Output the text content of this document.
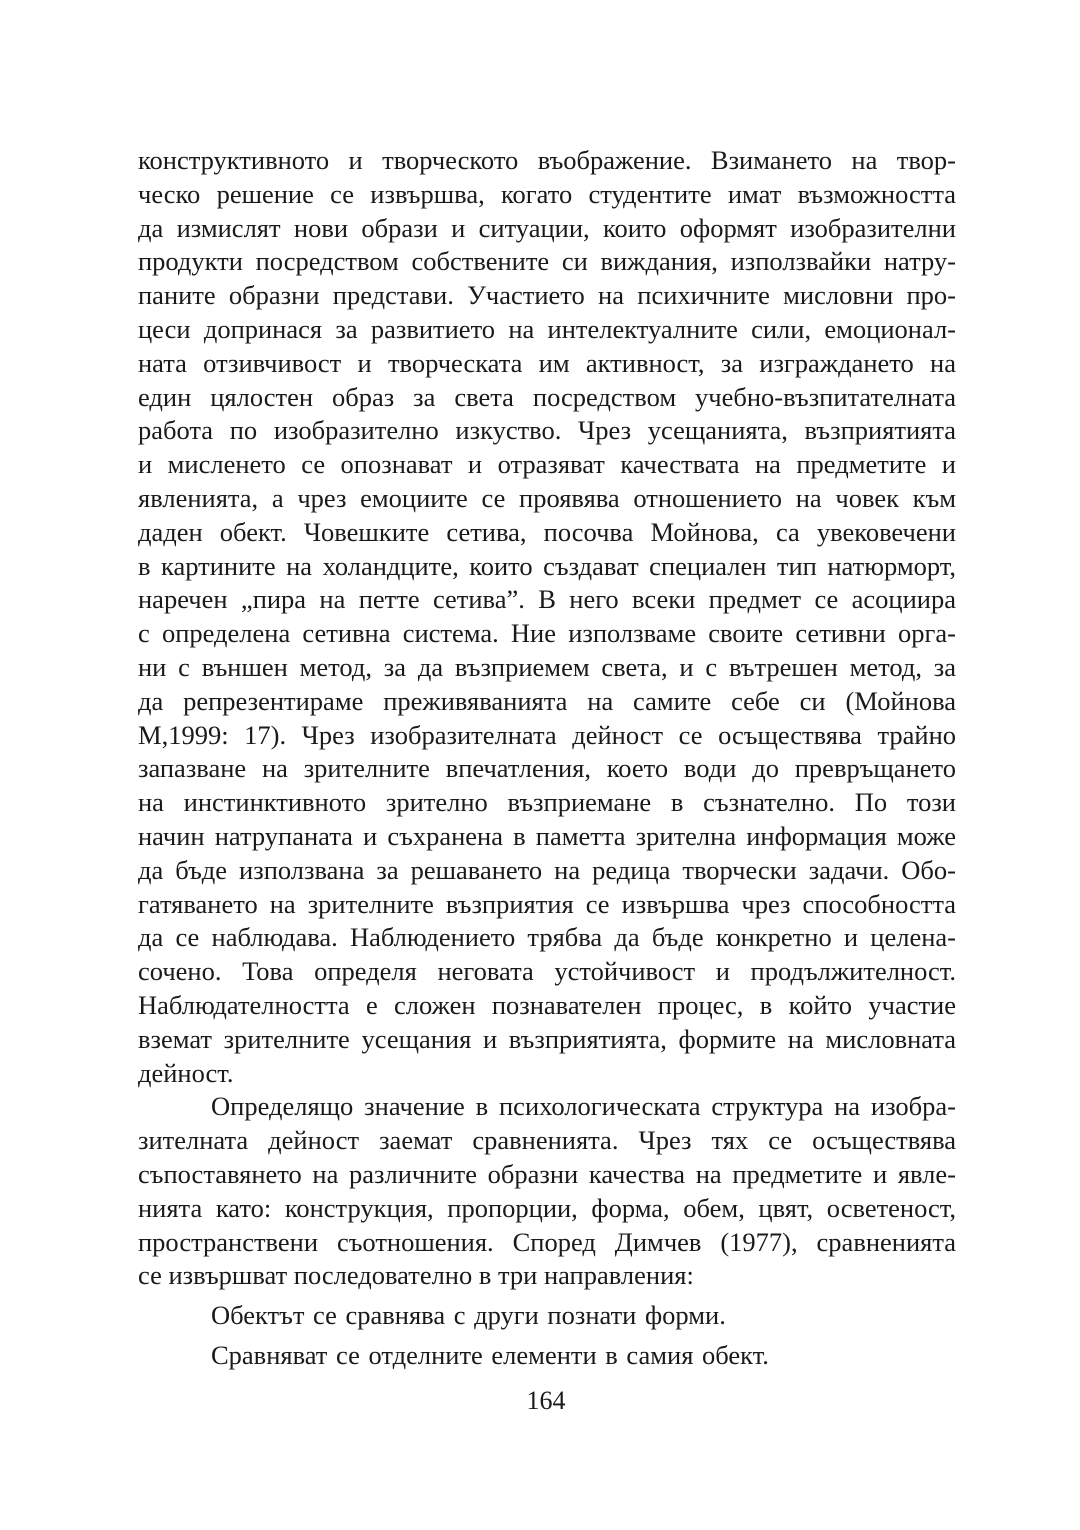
конструктивното и творческото въображение. Взимането на твор-
ческо решение се извършва, когато студентите имат възможността
да измислят нови образи и ситуации, които оформят изобразителни
продукти посредством собствените си виждания, използвайки натру-
паните образни представи. Участието на психичните мисловни про-
цеси допринася за развитието на интелектуалните сили, емоционал-
ната отзивчивост и творческата им активност, за изграждането на
един цялостен образ за света посредством учебно-възпитателната
работа по изобразително изкуство. Чрез усещанията, възприятията
и мисленето се опознават и отразяват качествата на предметите и
явленията, а чрез емоциите се проявява отношението на човек към
даден обект. Човешките сетива, посочва Мойнова, са увековечени
в картините на холандците, които създават специален тип натюрморт,
наречен „пира на петте сетива”. В него всеки предмет се асоциира
с определена сетивна система. Ние използваме своите сетивни орга-
ни с външен метод, за да възприемем света, и с вътрешен метод, за
да репрезентираме преживяванията на самите себе си (Мойнова
М,1999: 17). Чрез изобразителната дейност се осъществява трайно
запазване на зрителните впечатления, което води до превръщането
на инстинктивното зрително възприемане в съзнателно. По този
начин натрупаната и съхранена в паметта зрителна информация може
да бъде използвана за решаването на редица творчески задачи. Обо-
гатяването на зрителните възприятия се извършва чрез способността
да се наблюдава. Наблюдението трябва да бъде конкретно и целена-
сочено. Това определя неговата устойчивост и продължителност.
Наблюдателността е сложен познавателен процес, в който участие
вземат зрителните усещания и възприятията, формите на мисловната
дейност.
Определящо значение в психологическата структура на изобра-
зителната дейност заемат сравненията. Чрез тях се осъществява
съпоставянето на различните образни качества на предметите и явле-
нията като: конструкция, пропорции, форма, обем, цвят, осветеност,
пространствени съотношения. Според Димчев (1977), сравненията
се извършват последователно в три направления:
Обектът се сравнява с други познати форми.
Сравняват се отделните елементи в самия обект.
164
